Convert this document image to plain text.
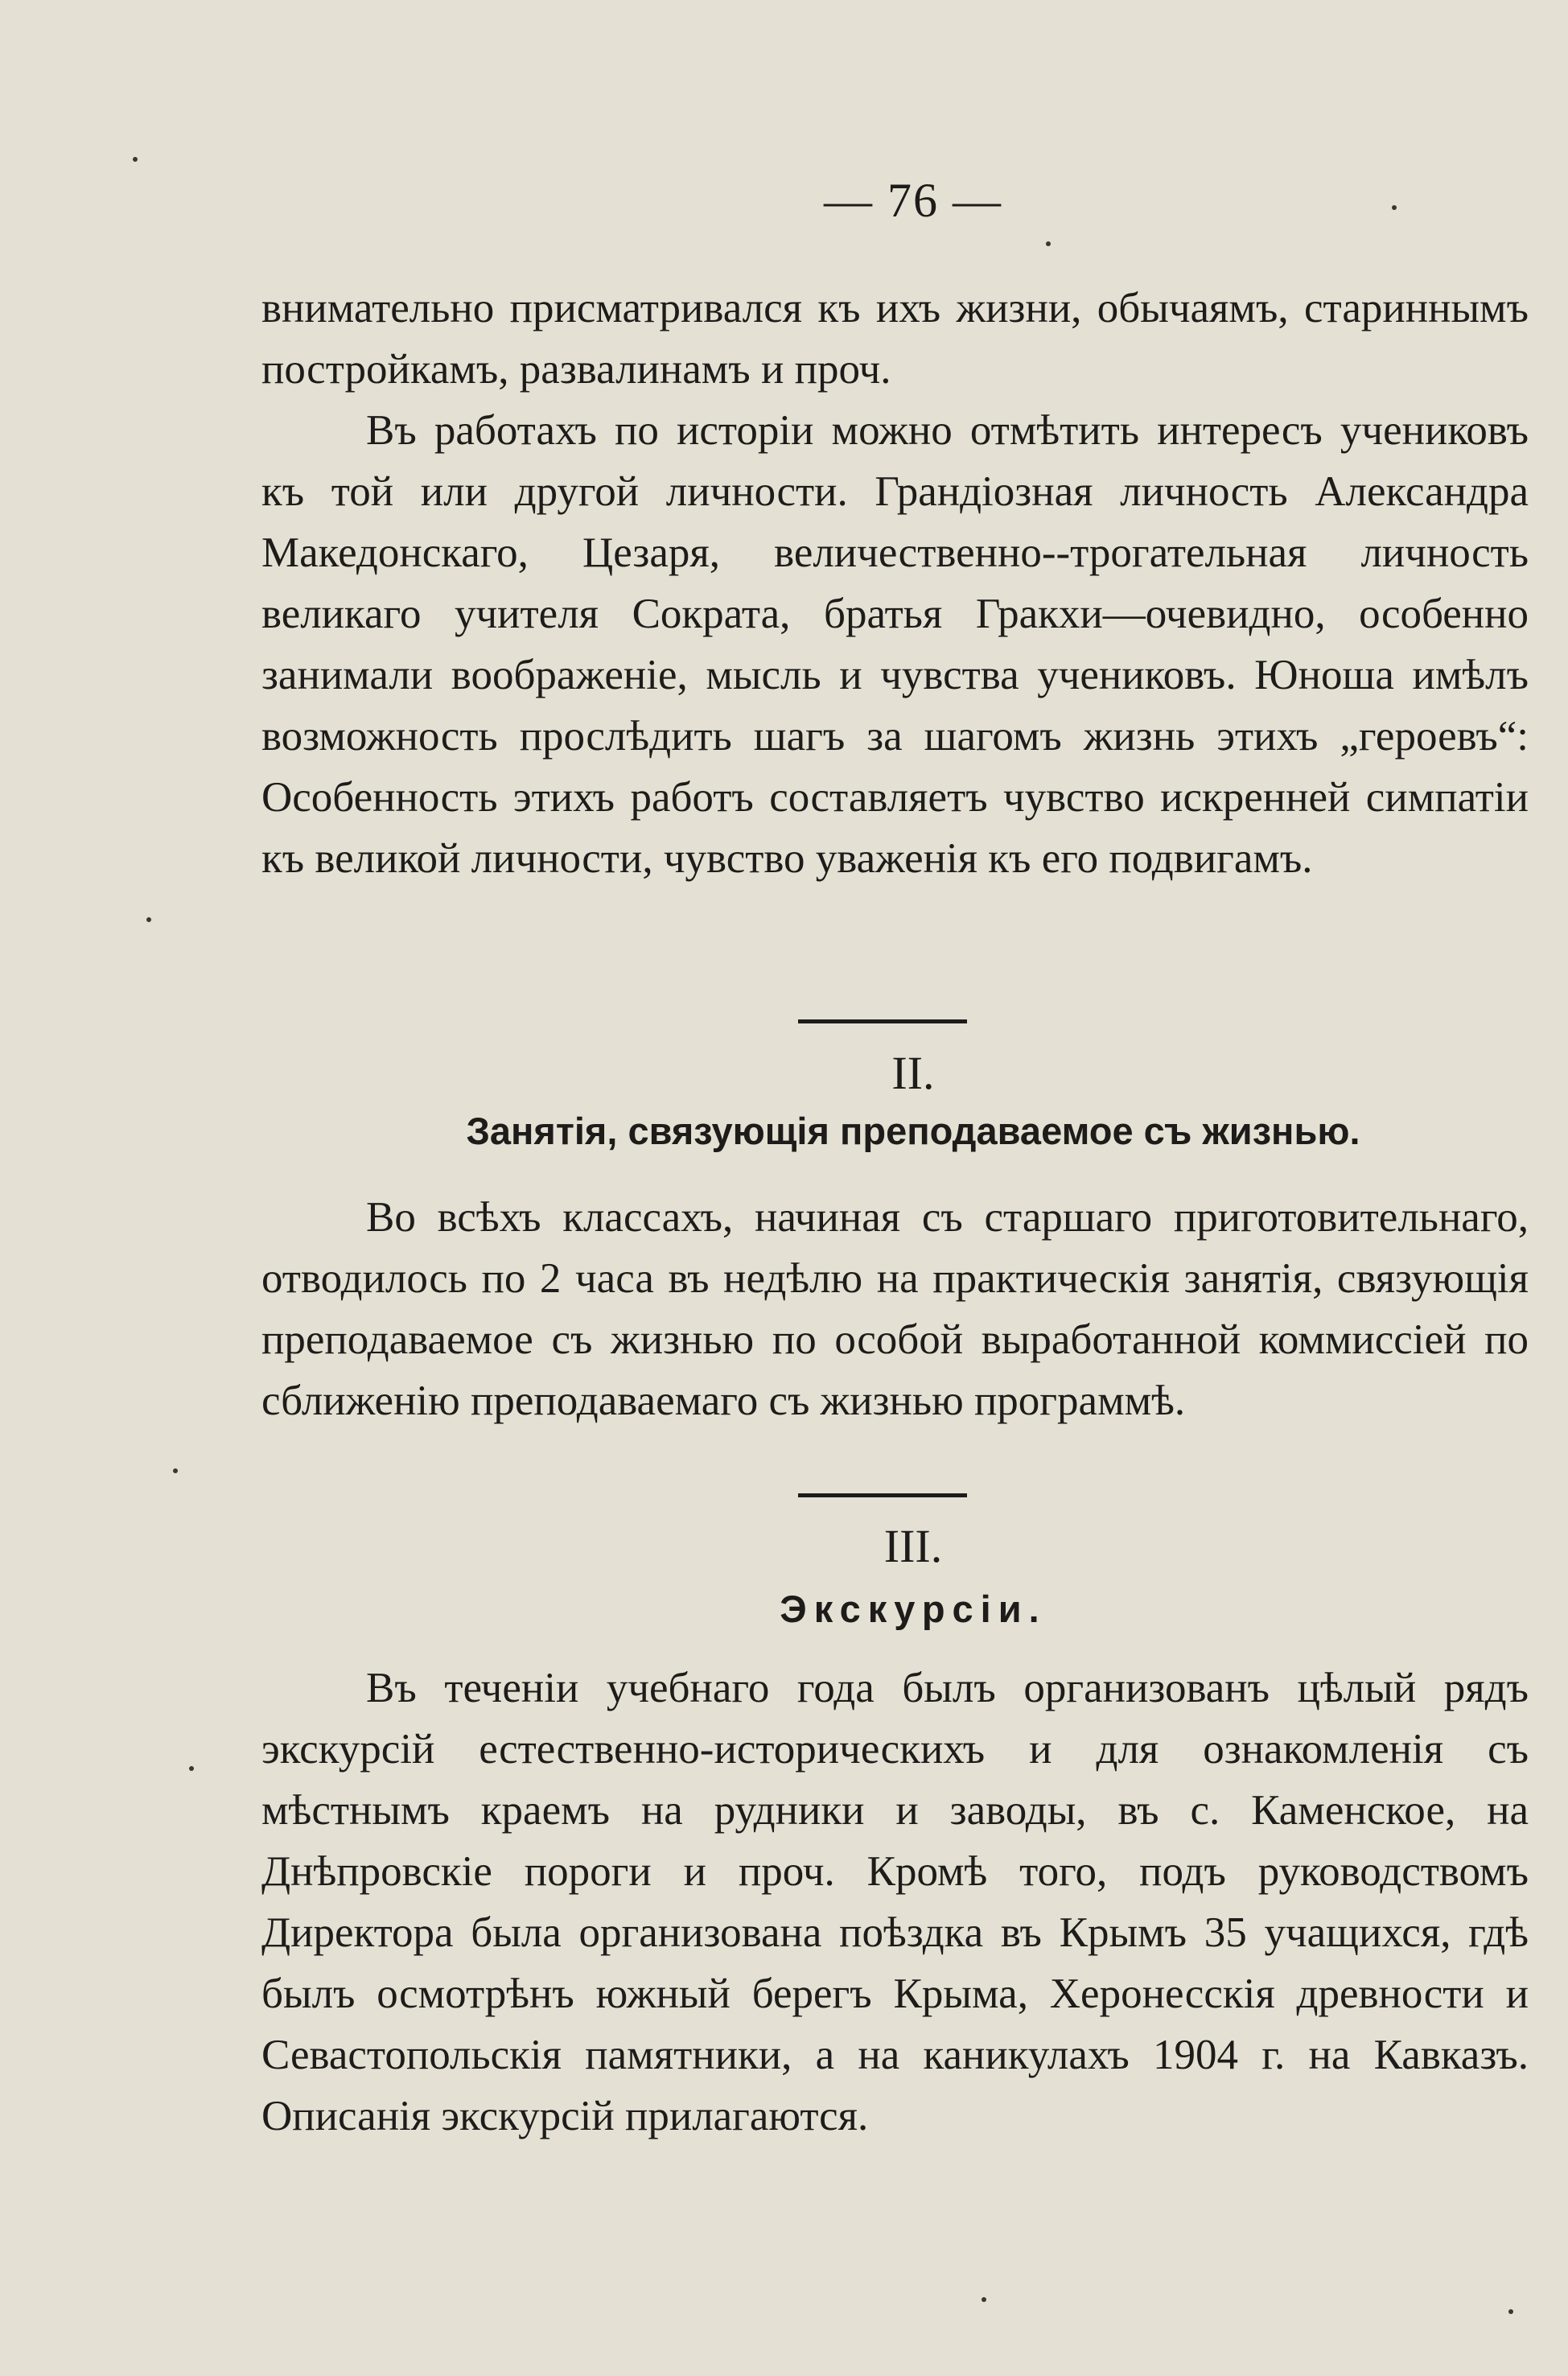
— 76 —

внимательно присматривался къ ихъ жизни, обычаямъ, стариннымъ постройкамъ, развалинамъ и проч.

Въ работахъ по исторіи можно отмѣтить интересъ учениковъ къ той или другой личности. Грандіозная личность Александра Македонскаго, Цезаря, величественно--трогательная личность великаго учителя Сократа, братья Гракхи—очевидно, особенно занимали воображеніе, мысль и чувства учениковъ. Юноша имѣлъ возможность прослѣдить шагъ за шагомъ жизнь этихъ „героевъ“: Особенность этихъ работъ составляетъ чувство искренней симпатіи къ великой личности, чувство уваженія къ его подвигамъ.

II.
Занятія, связующія преподаваемое съ жизнью.

Во всѣхъ классахъ, начиная съ старшаго приготовительнаго, отводилось по 2 часа въ недѣлю на практическія занятія, связующія преподаваемое съ жизнью по особой выработанной коммиссіей по сближенію преподаваемаго съ жизнью программѣ.

III.
Экскурсіи.

Въ теченіи учебнаго года былъ организованъ цѣлый рядъ экскурсій естественно-историческихъ и для ознакомленія съ мѣстнымъ краемъ на рудники и заводы, въ с. Каменское, на Днѣпровскіе пороги и проч. Кромѣ того, подъ руководствомъ Директора была организована поѣздка въ Крымъ 35 учащихся, гдѣ былъ осмотрѣнъ южный берегъ Крыма, Херонесскія древности и Севастопольскія памятники, а на каникулахъ 1904 г. на Кавказъ. Описанія экскурсій прилагаются.
